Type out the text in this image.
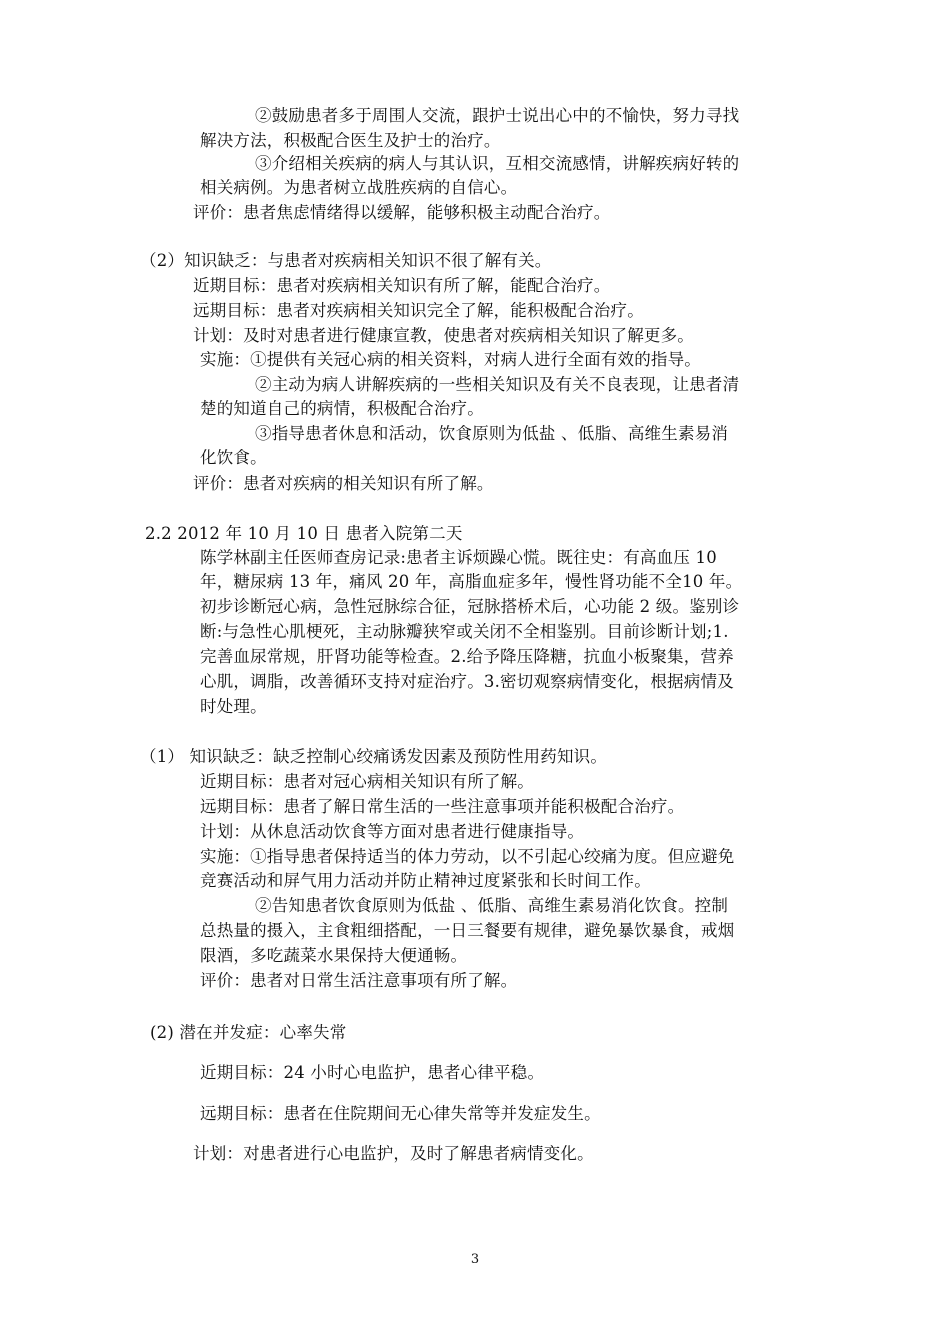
②鼓励患者多于周围人交流，跟护士说出心中的不愉快，努力寻找

解决方法，积极配合医生及护士的治疗。

③介绍相关疾病的病人与其认识，互相交流感情，讲解疾病好转的

相关病例。为患者树立战胜疾病的自信心。

评价：患者焦虑情绪得以缓解，能够积极主动配合治疗。

（2）知识缺乏：与患者对疾病相关知识不很了解有关。

近期目标：患者对疾病相关知识有所了解，能配合治疗。

远期目标：患者对疾病相关知识完全了解，能积极配合治疗。

计划：及时对患者进行健康宣教，使患者对疾病相关知识了解更多。

实施：①提供有关冠心病的相关资料，对病人进行全面有效的指导。

②主动为病人讲解疾病的一些相关知识及有关不良表现，让患者清

楚的知道自己的病情，积极配合治疗。

③指导患者休息和活动，饮食原则为低盐 、低脂、高维生素易消

化饮食。

评价：患者对疾病的相关知识有所了解。

2.2 2012 年 10 月 10 日 患者入院第二天

陈学林副主任医师查房记录:患者主诉烦躁心慌。既往史：有高血压 10

年，糖尿病 13 年，痛风 20 年，高脂血症多年，慢性肾功能不全10 年。

初步诊断冠心病，急性冠脉综合征，冠脉搭桥术后，心功能 2 级。鉴别诊

断:与急性心肌梗死，主动脉瓣狭窄或关闭不全相鉴别。目前诊断计划;1.

完善血尿常规，肝肾功能等检查。2.给予降压降糖，抗血小板聚集，营养

心肌，调脂，改善循环支持对症治疗。3.密切观察病情变化，根据病情及

时处理。

（1） 知识缺乏：缺乏控制心绞痛诱发因素及预防性用药知识。

近期目标：患者对冠心病相关知识有所了解。

远期目标：患者了解日常生活的一些注意事项并能积极配合治疗。

计划：从休息活动饮食等方面对患者进行健康指导。

实施：①指导患者保持适当的体力劳动，以不引起心绞痛为度。但应避免

竞赛活动和屏气用力活动并防止精神过度紧张和长时间工作。

②告知患者饮食原则为低盐 、低脂、高维生素易消化饮食。控制

总热量的摄入，主食粗细搭配，一日三餐要有规律，避免暴饮暴食，戒烟

限酒，多吃蔬菜水果保持大便通畅。

评价：患者对日常生活注意事项有所了解。

(2) 潜在并发症：心率失常

近期目标：24 小时心电监护，患者心律平稳。

远期目标：患者在住院期间无心律失常等并发症发生。

计划：对患者进行心电监护，及时了解患者病情变化。

3
